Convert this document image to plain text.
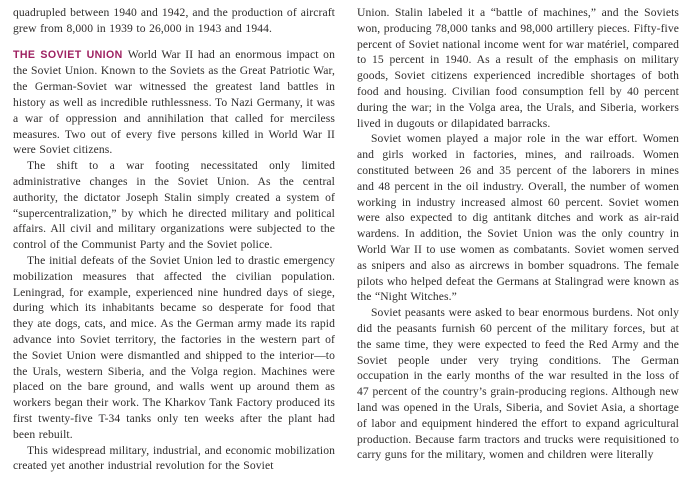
quadrupled between 1940 and 1942, and the production of aircraft grew from 8,000 in 1939 to 26,000 in 1943 and 1944.

THE SOVIET UNION World War II had an enormous impact on the Soviet Union. Known to the Soviets as the Great Patriotic War, the German-Soviet war witnessed the greatest land battles in history as well as incredible ruthlessness. To Nazi Germany, it was a war of oppression and annihilation that called for merciless measures. Two out of every five persons killed in World War II were Soviet citizens.

The shift to a war footing necessitated only limited administrative changes in the Soviet Union. As the central authority, the dictator Joseph Stalin simply created a system of “supercentralization,” by which he directed military and political affairs. All civil and military organizations were subjected to the control of the Communist Party and the Soviet police.

The initial defeats of the Soviet Union led to drastic emergency mobilization measures that affected the civilian population. Leningrad, for example, experienced nine hundred days of siege, during which its inhabitants became so desperate for food that they ate dogs, cats, and mice. As the German army made its rapid advance into Soviet territory, the factories in the western part of the Soviet Union were dismantled and shipped to the interior—to the Urals, western Siberia, and the Volga region. Machines were placed on the bare ground, and walls went up around them as workers began their work. The Kharkov Tank Factory produced its first twenty-five T-34 tanks only ten weeks after the plant had been rebuilt.

This widespread military, industrial, and economic mobilization created yet another industrial revolution for the Soviet

Union. Stalin labeled it a “battle of machines,” and the Soviets won, producing 78,000 tanks and 98,000 artillery pieces. Fifty-five percent of Soviet national income went for war matériel, compared to 15 percent in 1940. As a result of the emphasis on military goods, Soviet citizens experienced incredible shortages of both food and housing. Civilian food consumption fell by 40 percent during the war; in the Volga area, the Urals, and Siberia, workers lived in dugouts or dilapidated barracks.

Soviet women played a major role in the war effort. Women and girls worked in factories, mines, and railroads. Women constituted between 26 and 35 percent of the laborers in mines and 48 percent in the oil industry. Overall, the number of women working in industry increased almost 60 percent. Soviet women were also expected to dig antitank ditches and work as air-raid wardens. In addition, the Soviet Union was the only country in World War II to use women as combatants. Soviet women served as snipers and also as aircrews in bomber squadrons. The female pilots who helped defeat the Germans at Stalingrad were known as the “Night Witches.”

Soviet peasants were asked to bear enormous burdens. Not only did the peasants furnish 60 percent of the military forces, but at the same time, they were expected to feed the Red Army and the Soviet people under very trying conditions. The German occupation in the early months of the war resulted in the loss of 47 percent of the country’s grain-producing regions. Although new land was opened in the Urals, Siberia, and Soviet Asia, a shortage of labor and equipment hindered the effort to expand agricultural production. Because farm tractors and trucks were requisitioned to carry guns for the military, women and children were literally
